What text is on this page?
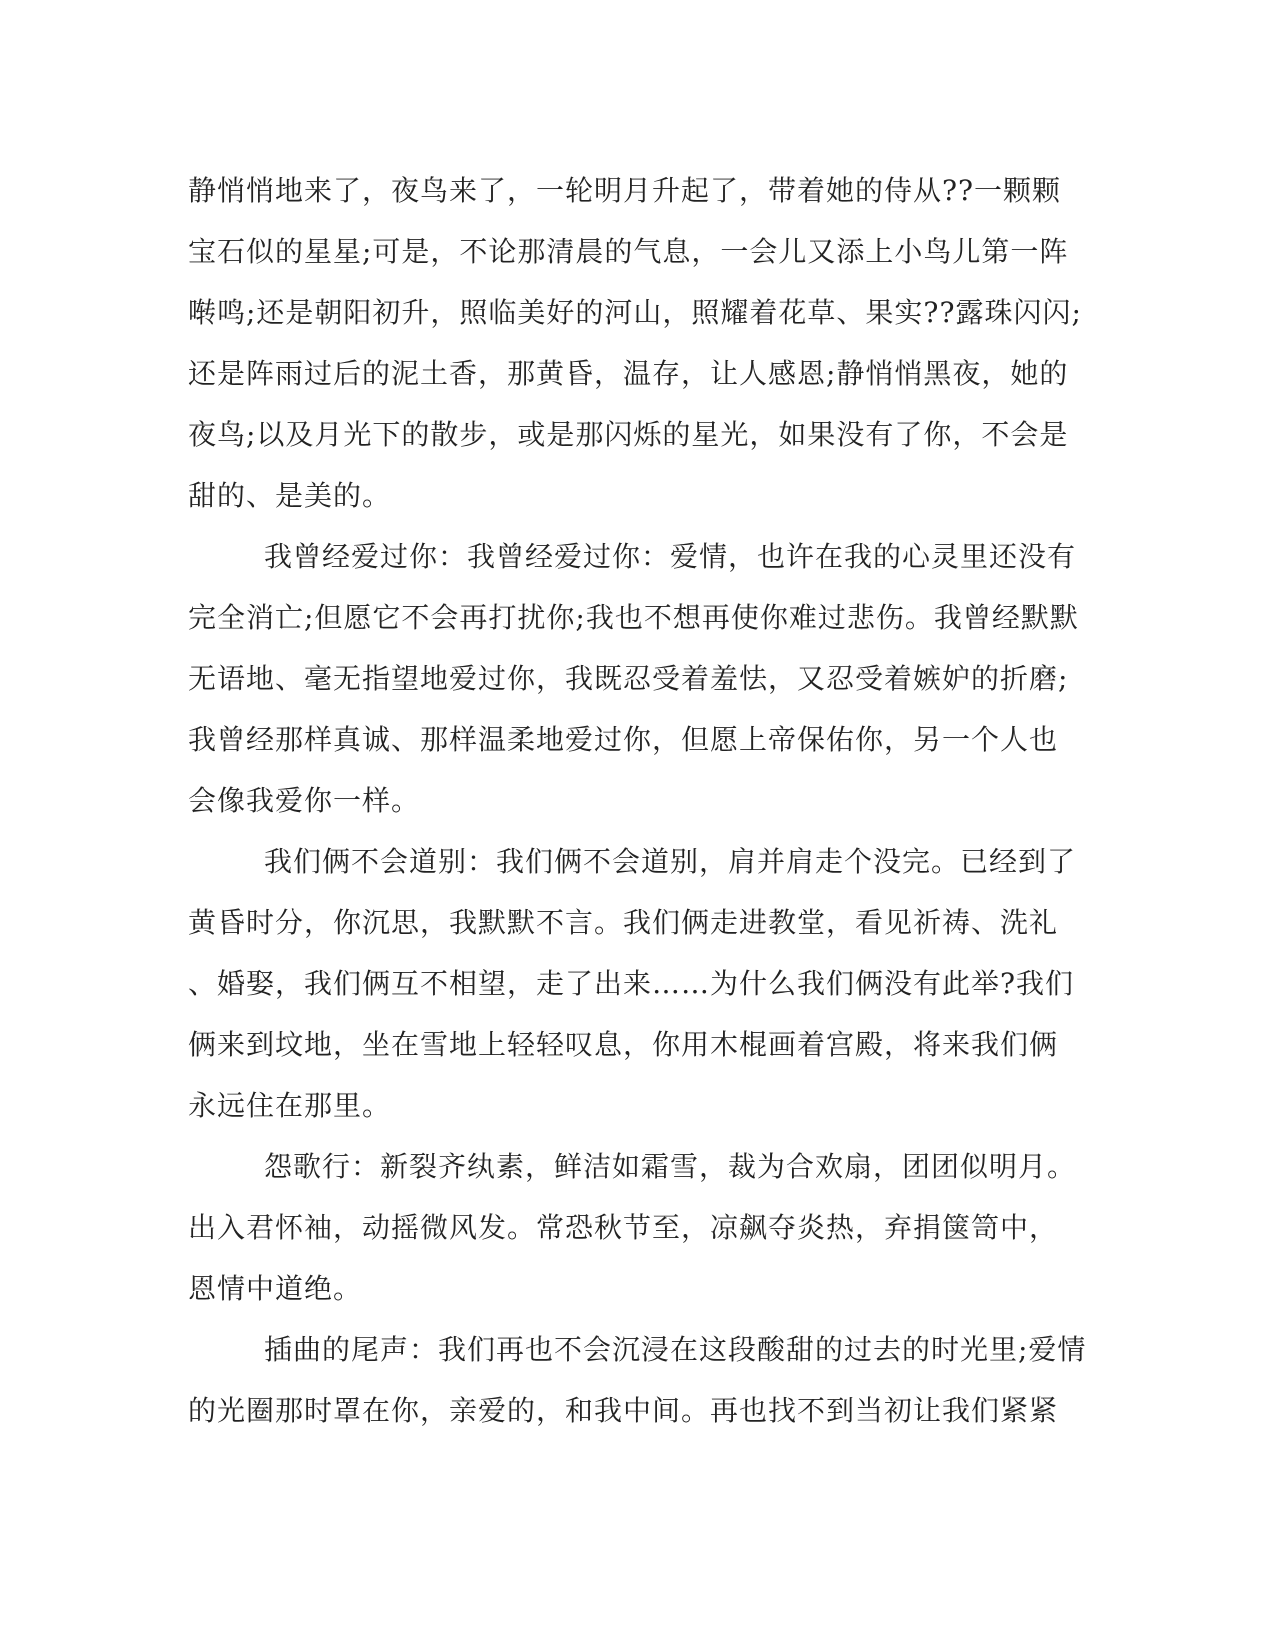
静悄悄地来了，夜鸟来了，一轮明月升起了，带着她的侍从??一颗颗
宝石似的星星;可是，不论那清晨的气息，一会儿又添上小鸟儿第一阵
啭鸣;还是朝阳初升，照临美好的河山，照耀着花草、果实??露珠闪闪;
还是阵雨过后的泥土香，那黄昏，温存，让人感恩;静悄悄黑夜，她的
夜鸟;以及月光下的散步，或是那闪烁的星光，如果没有了你，不会是
甜的、是美的。
我曾经爱过你：我曾经爱过你：爱情，也许在我的心灵里还没有
完全消亡;但愿它不会再打扰你;我也不想再使你难过悲伤。我曾经默默
无语地、毫无指望地爱过你，我既忍受着羞怯，又忍受着嫉妒的折磨;
我曾经那样真诚、那样温柔地爱过你，但愿上帝保佑你，另一个人也
会像我爱你一样。
我们俩不会道别：我们俩不会道别，肩并肩走个没完。已经到了
黄昏时分，你沉思，我默默不言。我们俩走进教堂，看见祈祷、洗礼
、婚娶，我们俩互不相望，走了出来……为什么我们俩没有此举?我们
俩来到坟地，坐在雪地上轻轻叹息，你用木棍画着宫殿，将来我们俩
永远住在那里。
怨歌行：新裂齐纨素，鲜洁如霜雪，裁为合欢扇，团团似明月。
出入君怀袖，动摇微风发。常恐秋节至，凉飙夺炎热，弃捐箧笥中，
恩情中道绝。
插曲的尾声：我们再也不会沉浸在这段酸甜的过去的时光里;爱情
的光圈那时罩在你，亲爱的，和我中间。再也找不到当初让我们紧紧
